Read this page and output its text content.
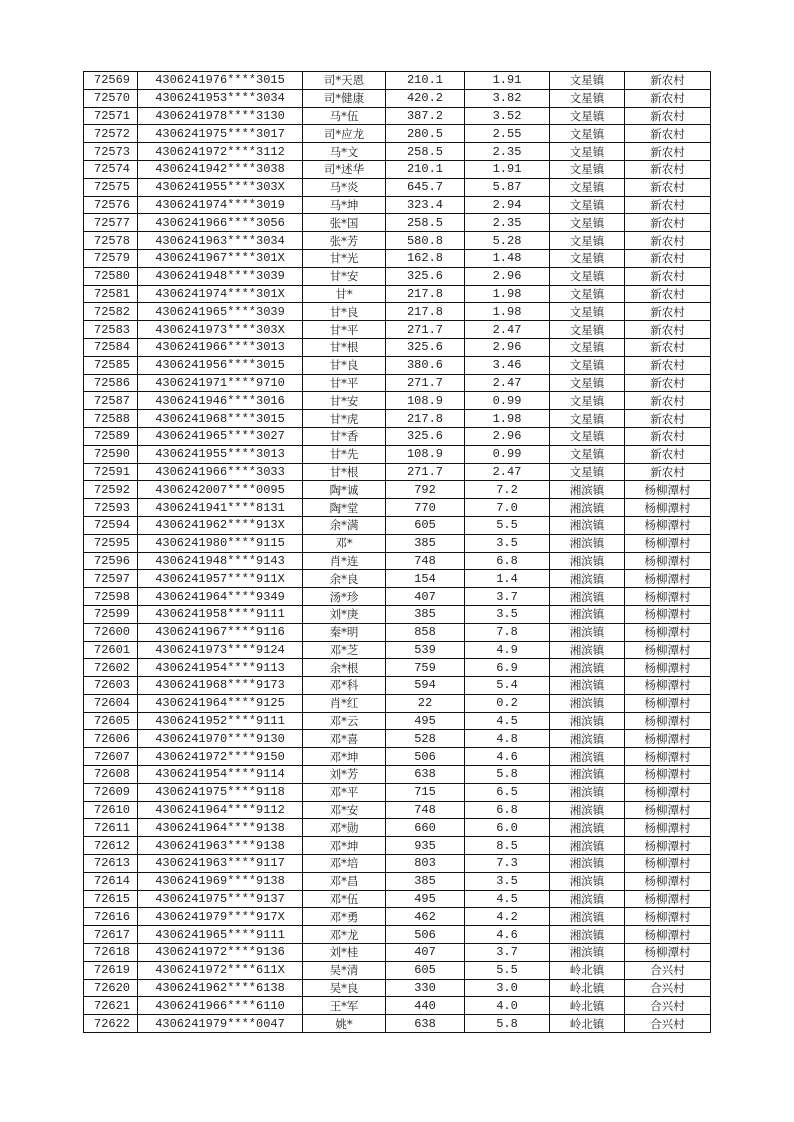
72569	4306241976****3015	司*天恩	210.1	1.91	文星镇	新农村
72570	4306241953****3034	司*健康	420.2	3.82	文星镇	新农村
72571	4306241978****3130	马*伍	387.2	3.52	文星镇	新农村
72572	4306241975****3017	司*应龙	280.5	2.55	文星镇	新农村
72573	4306241972****3112	马*文	258.5	2.35	文星镇	新农村
72574	4306241942****3038	司*述华	210.1	1.91	文星镇	新农村
72575	4306241955****303X	马*炎	645.7	5.87	文星镇	新农村
72576	4306241974****3019	马*坤	323.4	2.94	文星镇	新农村
72577	4306241966****3056	张*国	258.5	2.35	文星镇	新农村
72578	4306241963****3034	张*芳	580.8	5.28	文星镇	新农村
72579	4306241967****301X	甘*光	162.8	1.48	文星镇	新农村
72580	4306241948****3039	甘*安	325.6	2.96	文星镇	新农村
72581	4306241974****301X	甘*	217.8	1.98	文星镇	新农村
72582	4306241965****3039	甘*良	217.8	1.98	文星镇	新农村
72583	4306241973****303X	甘*平	271.7	2.47	文星镇	新农村
72584	4306241966****3013	甘*根	325.6	2.96	文星镇	新农村
72585	4306241956****3015	甘*良	380.6	3.46	文星镇	新农村
72586	4306241971****9710	甘*平	271.7	2.47	文星镇	新农村
72587	4306241946****3016	甘*安	108.9	0.99	文星镇	新农村
72588	4306241968****3015	甘*虎	217.8	1.98	文星镇	新农村
72589	4306241965****3027	甘*香	325.6	2.96	文星镇	新农村
72590	4306241955****3013	甘*先	108.9	0.99	文星镇	新农村
72591	4306241966****3033	甘*根	271.7	2.47	文星镇	新农村
72592	4306242007****0095	陶*诚	792	7.2	湘滨镇	杨柳潭村
72593	4306241941****8131	陶*堂	770	7.0	湘滨镇	杨柳潭村
72594	4306241962****913X	余*满	605	5.5	湘滨镇	杨柳潭村
72595	4306241980****9115	邓*	385	3.5	湘滨镇	杨柳潭村
72596	4306241948****9143	肖*连	748	6.8	湘滨镇	杨柳潭村
72597	4306241957****911X	余*良	154	1.4	湘滨镇	杨柳潭村
72598	4306241964****9349	汤*珍	407	3.7	湘滨镇	杨柳潭村
72599	4306241958****9111	刘*庚	385	3.5	湘滨镇	杨柳潭村
72600	4306241967****9116	秦*明	858	7.8	湘滨镇	杨柳潭村
72601	4306241973****9124	邓*芝	539	4.9	湘滨镇	杨柳潭村
72602	4306241954****9113	余*根	759	6.9	湘滨镇	杨柳潭村
72603	4306241968****9173	邓*科	594	5.4	湘滨镇	杨柳潭村
72604	4306241964****9125	肖*红	22	0.2	湘滨镇	杨柳潭村
72605	4306241952****9111	邓*云	495	4.5	湘滨镇	杨柳潭村
72606	4306241970****9130	邓*喜	528	4.8	湘滨镇	杨柳潭村
72607	4306241972****9150	邓*坤	506	4.6	湘滨镇	杨柳潭村
72608	4306241954****9114	刘*芳	638	5.8	湘滨镇	杨柳潭村
72609	4306241975****9118	邓*平	715	6.5	湘滨镇	杨柳潭村
72610	4306241964****9112	邓*安	748	6.8	湘滨镇	杨柳潭村
72611	4306241964****9138	邓*勋	660	6.0	湘滨镇	杨柳潭村
72612	4306241963****9138	邓*坤	935	8.5	湘滨镇	杨柳潭村
72613	4306241963****9117	邓*培	803	7.3	湘滨镇	杨柳潭村
72614	4306241969****9138	邓*昌	385	3.5	湘滨镇	杨柳潭村
72615	4306241975****9137	邓*伍	495	4.5	湘滨镇	杨柳潭村
72616	4306241979****917X	邓*勇	462	4.2	湘滨镇	杨柳潭村
72617	4306241965****9111	邓*龙	506	4.6	湘滨镇	杨柳潭村
72618	4306241972****9136	刘*桂	407	3.7	湘滨镇	杨柳潭村
72619	4306241972****611X	吴*清	605	5.5	岭北镇	合兴村
72620	4306241962****6138	吴*良	330	3.0	岭北镇	合兴村
72621	4306241966****6110	王*军	440	4.0	岭北镇	合兴村
72622	4306241979****0047	姚*	638	5.8	岭北镇	合兴村
